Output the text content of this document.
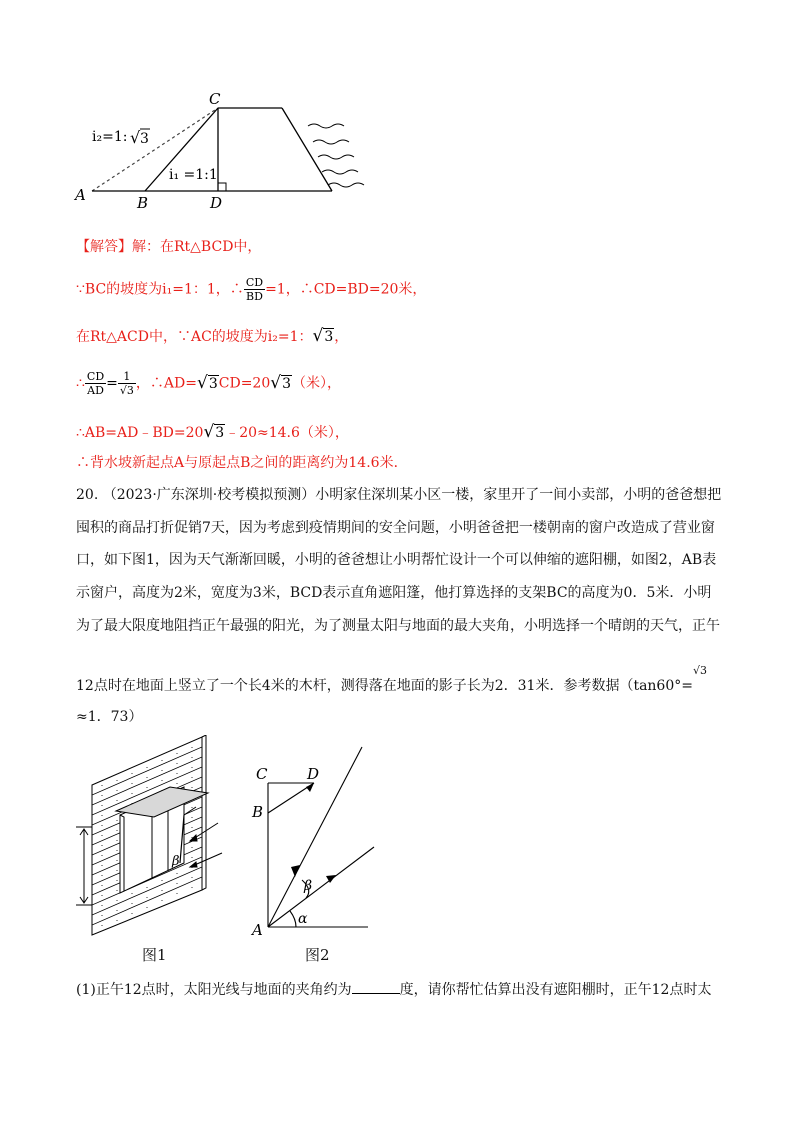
C
A	B	D
i₂=1: √ 3
i₁ =1:1
【解答】解：在Rt△BCD中，
∵BC的坡度为i₁=1：1，∴ $\frac{CD}{BD} =1$，∴CD=BD=20米，
在Rt△ACD中，∵AC的坡度为i₂=1：√3，
∴ $\frac{CD}{AD} = \frac{1}{√3}$ ，∴AD=√3CD=20√3（米），
∴AB=AD﹣BD=20√3﹣20≈14.6（米），
∴背水坡新起点A与原起点B之间的距离约为14.6米．
20. （2023·广东深圳·校考模拟预测）小明家住深圳某小区一楼，家里开了一间小卖部，小明的爸爸想把
囤积的商品打折促销7天，因为考虑到疫情期间的安全问题，小明爸爸把一楼朝南的窗户改造成了营业窗
口，如下图1，因为天气渐渐回暖，小明的爸爸想让小明帮忙设计一个可以伸缩的遮阳棚，如图2，AB表
示窗户，高度为2米，宽度为3米，BCD表示直角遮阳篷，他打算选择的支架BC的高度为0．5米．小明
为了最大限度地阻挡正午最强的阳光，为了测量太阳与地面的最大夹角，小明选择一个晴朗的天气，正午
12点时在地面上竖立了一个长4米的木杆，测得落在地面的影子长为2．31米．参考数据（tan60°=$^{√3}$
≈1．73）
β
图1
C	D
B
A
β
α
图2
(1)正午12点时，太阳光线与地面的夹角约为	度，请你帮忙估算出没有遮阳棚时，正午12点时太
